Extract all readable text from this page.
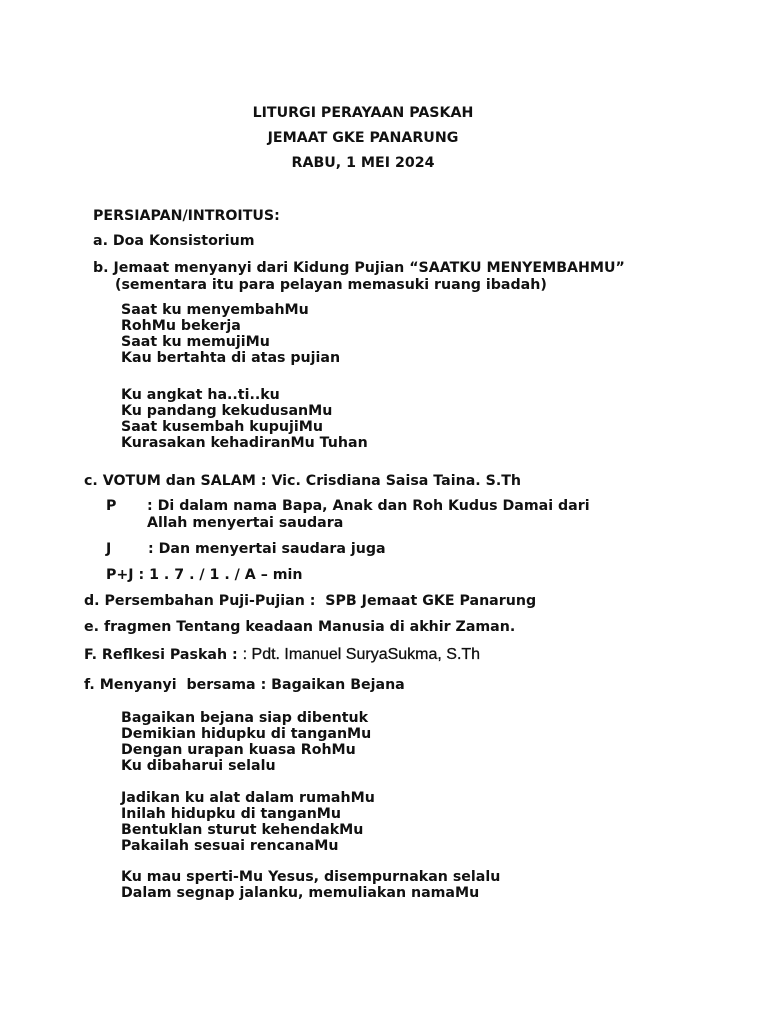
LITURGI PERAYAAN PASKAH
JEMAAT GKE PANARUNG
RABU, 1 MEI 2024
PERSIAPAN/INTROITUS:
a. Doa Konsistorium
b. Jemaat menyanyi dari Kidung Pujian “SAATKU MENYEMBAHMU”
(sementara itu para pelayan memasuki ruang ibadah)
Saat ku menyembahMu
RohMu bekerja
Saat ku memujiMu
Kau bertahta di atas pujian
Ku angkat ha..ti..ku
Ku pandang kekudusanMu
Saat kusembah kupujiMu
Kurasakan kehadiranMu Tuhan
c. VOTUM dan SALAM : Vic. Crisdiana Saisa Taina. S.Th
P : Di dalam nama Bapa, Anak dan Roh Kudus Damai dari
Allah menyertai saudara
J	: Dan menyertai saudara juga
P+J : 1 . 7 . / 1 . / A – min
d. Persembahan Puji-Pujian :  SPB Jemaat GKE Panarung
e. fragmen Tentang keadaan Manusia di akhir Zaman.
F. Reflkesi Paskah : : Pdt. Imanuel SuryaSukma, S.Th
f. Menyanyi  bersama : Bagaikan Bejana
Bagaikan bejana siap dibentuk
Demikian hidupku di tanganMu
Dengan urapan kuasa RohMu
Ku dibaharui selalu
Jadikan ku alat dalam rumahMu
Inilah hidupku di tanganMu
Bentuklan sturut kehendakMu
Pakailah sesuai rencanaMu
Ku mau sperti-Mu Yesus, disempurnakan selalu
Dalam segnap jalanku, memuliakan namaMu
